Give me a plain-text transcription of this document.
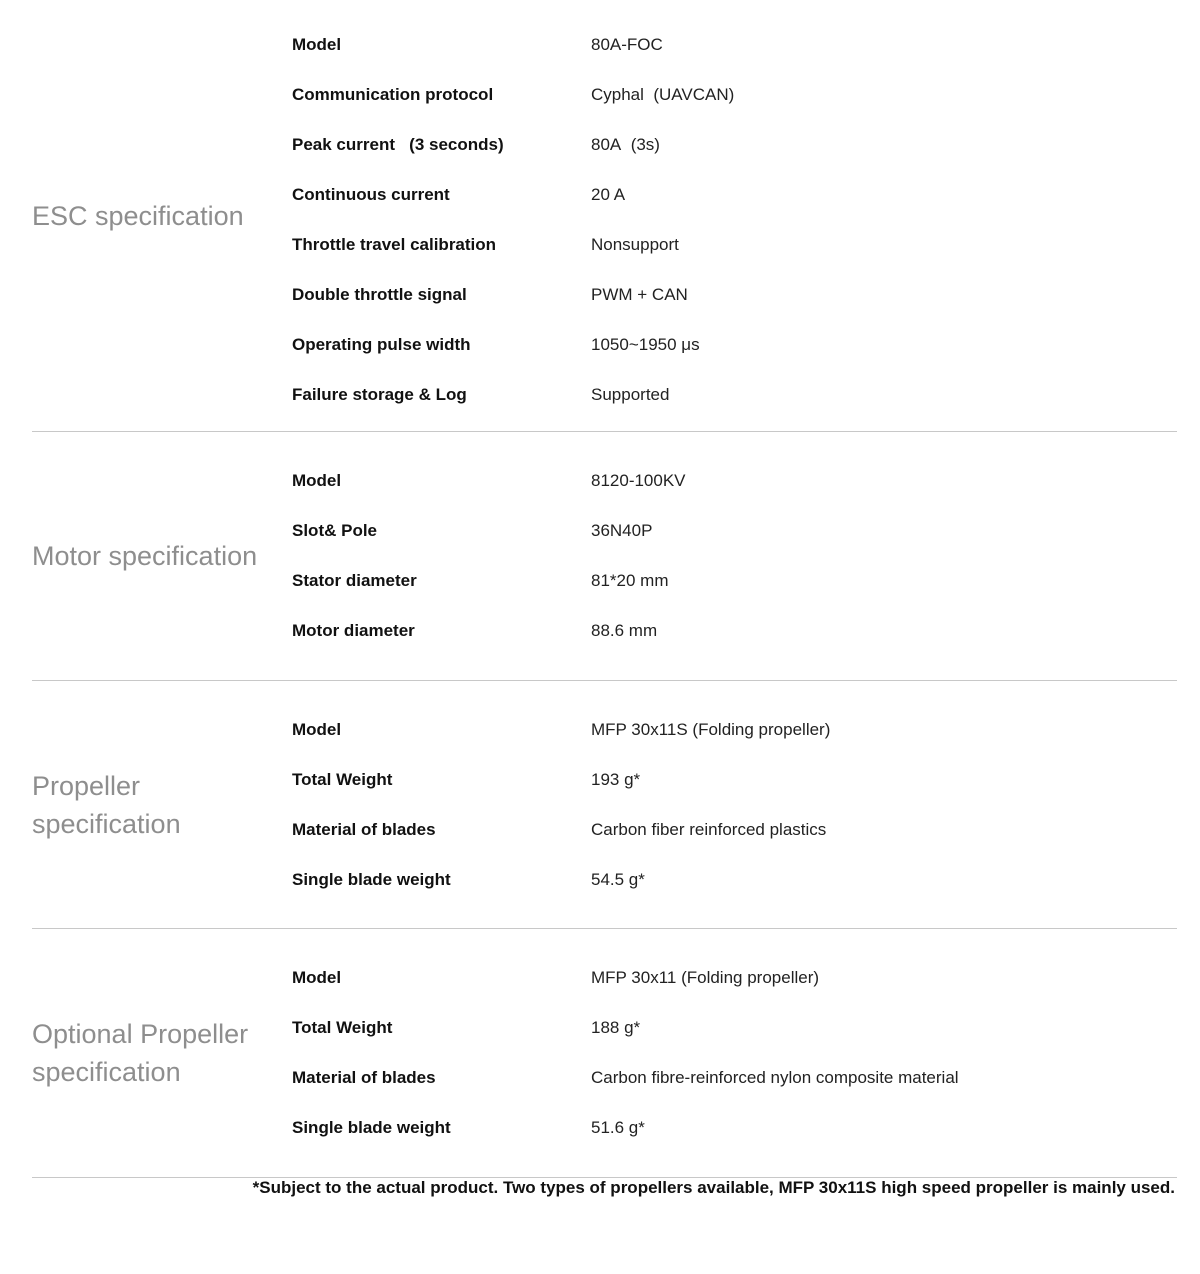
ESC specification
Model	80A-FOC
Communication protocol	Cyphal  (UAVCAN)
Peak current   (3 seconds)	80A  (3s)
Continuous current	20 A
Throttle travel calibration	Nonsupport
Double throttle signal	PWM + CAN
Operating pulse width	1050~1950 μs
Failure storage & Log	Supported
Motor specification
Model	8120-100KV
Slot& Pole	36N40P
Stator diameter	81*20 mm
Motor diameter	88.6 mm
Propeller specification
Model	MFP 30x11S (Folding propeller)
Total Weight	193 g*
Material of blades	Carbon fiber reinforced plastics
Single blade weight	54.5 g*
Optional Propeller specification
Model	MFP 30x11 (Folding propeller)
Total Weight	188 g*
Material of blades	Carbon fibre-reinforced nylon composite material
Single blade weight	51.6 g*
*Subject to the actual product. Two types of propellers available, MFP 30x11S high speed propeller is mainly used.
